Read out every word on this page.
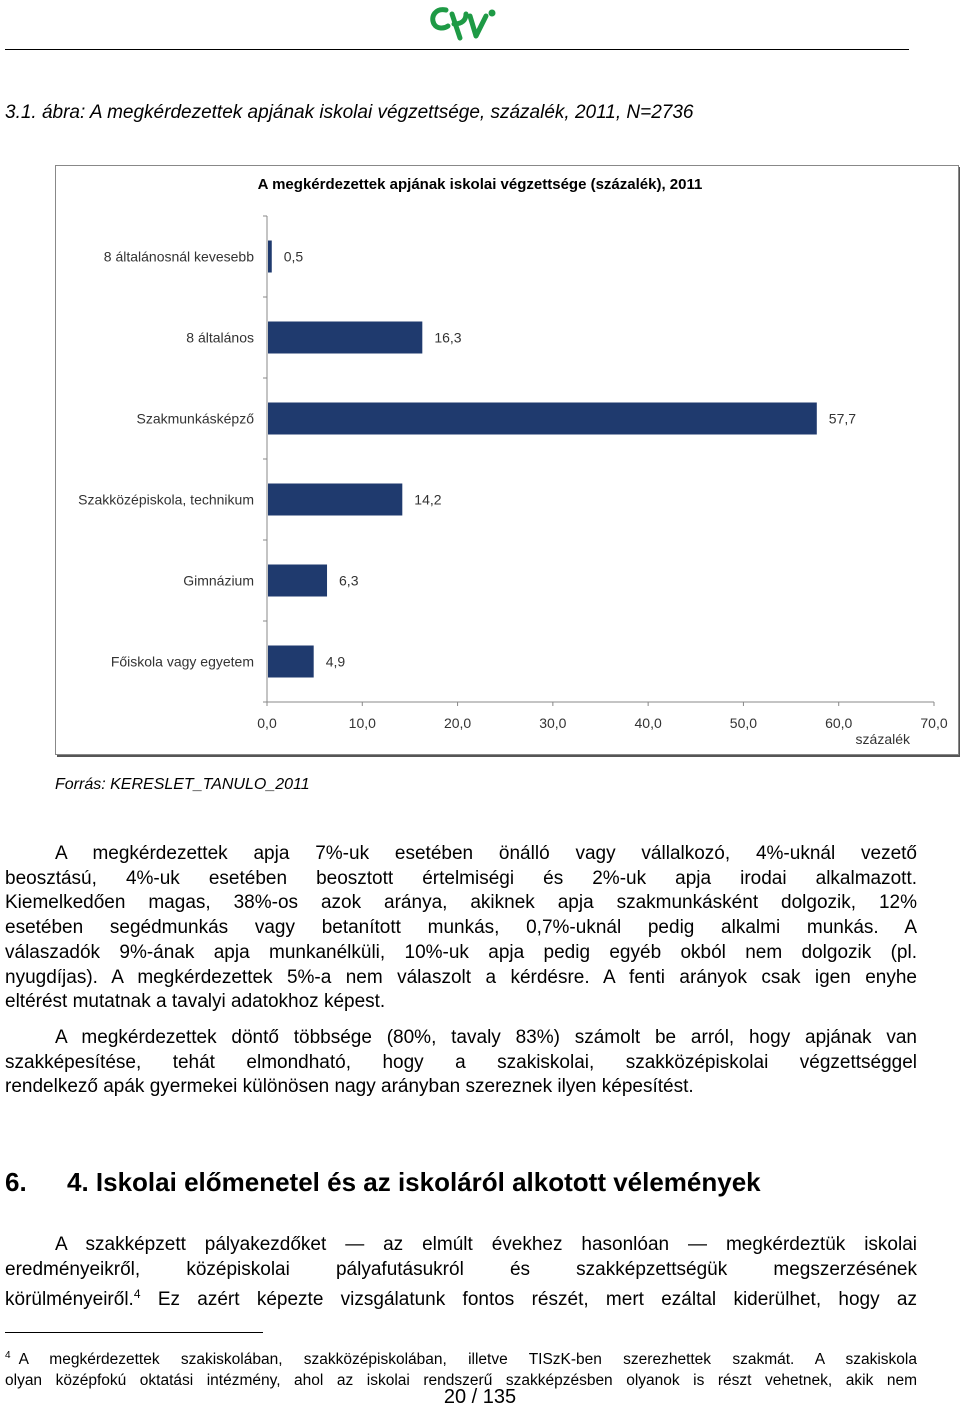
3.1. ábra: A megkérdezettek apjának iskolai végzettsége, százalék, 2011, N=2736
A megkérdezettek apjának iskolai végzettsége (százalék), 2011
8 általánosnál kevesebb 0,5
8 általános	16,3
Szakmunkásképző	57,7
Szakközépiskola, technikum	14,2
Gimnázium	6,3
Főiskola vagy egyetem	4,9
0,0	10,0	20,0	30,0	40,0	50,0	60,0	70,0
százalék
Forrás: KERESLET_TANULO_2011
A megkérdezettek apja 7%-uk esetében önálló vagy vállalkozó, 4%-uknál vezető
beosztású, 4%-uk esetében beosztott értelmiségi és 2%-uk apja irodai alkalmazott.
Kiemelkedően magas, 38%-os azok aránya, akiknek apja szakmunkásként dolgozik, 12%
esetében segédmunkás vagy betanított munkás, 0,7%-uknál pedig alkalmi munkás. A
válaszadók 9%-ának apja munkanélküli, 10%-uk apja pedig egyéb okból nem dolgozik (pl.
nyugdíjas). A megkérdezettek 5%-a nem válaszolt a kérdésre. A fenti arányok csak igen enyhe
eltérést mutatnak a tavalyi adatokhoz képest.
A megkérdezettek döntő többsége (80%, tavaly 83%) számolt be arról, hogy apjának van
szakképesítése, tehát elmondható, hogy a szakiskolai, szakközépiskolai végzettséggel
rendelkező apák gyermekei különösen nagy arányban szereznek ilyen képesítést.
6. 4. Iskolai előmenetel és az iskoláról alkotott vélemények
A szakképzett pályakezdőket — az elmúlt évekhez hasonlóan — megkérdeztük iskolai
eredményeikről, középiskolai pályafutásukról és szakképzettségük megszerzésének
körülményeiről.$^4$ Ez azért képezte vizsgálatunk fontos részét, mert ezáltal kiderülhet, hogy az
$^4$ A megkérdezettek szakiskolában, szakközépiskolában, illetve TISzK-ben szerezhettek szakmát. A szakiskola
olyan középfokú oktatási intézmény, ahol az iskolai rendszerű szakképzésben olyanok is részt vehetnek, akik nem
20 / 135
